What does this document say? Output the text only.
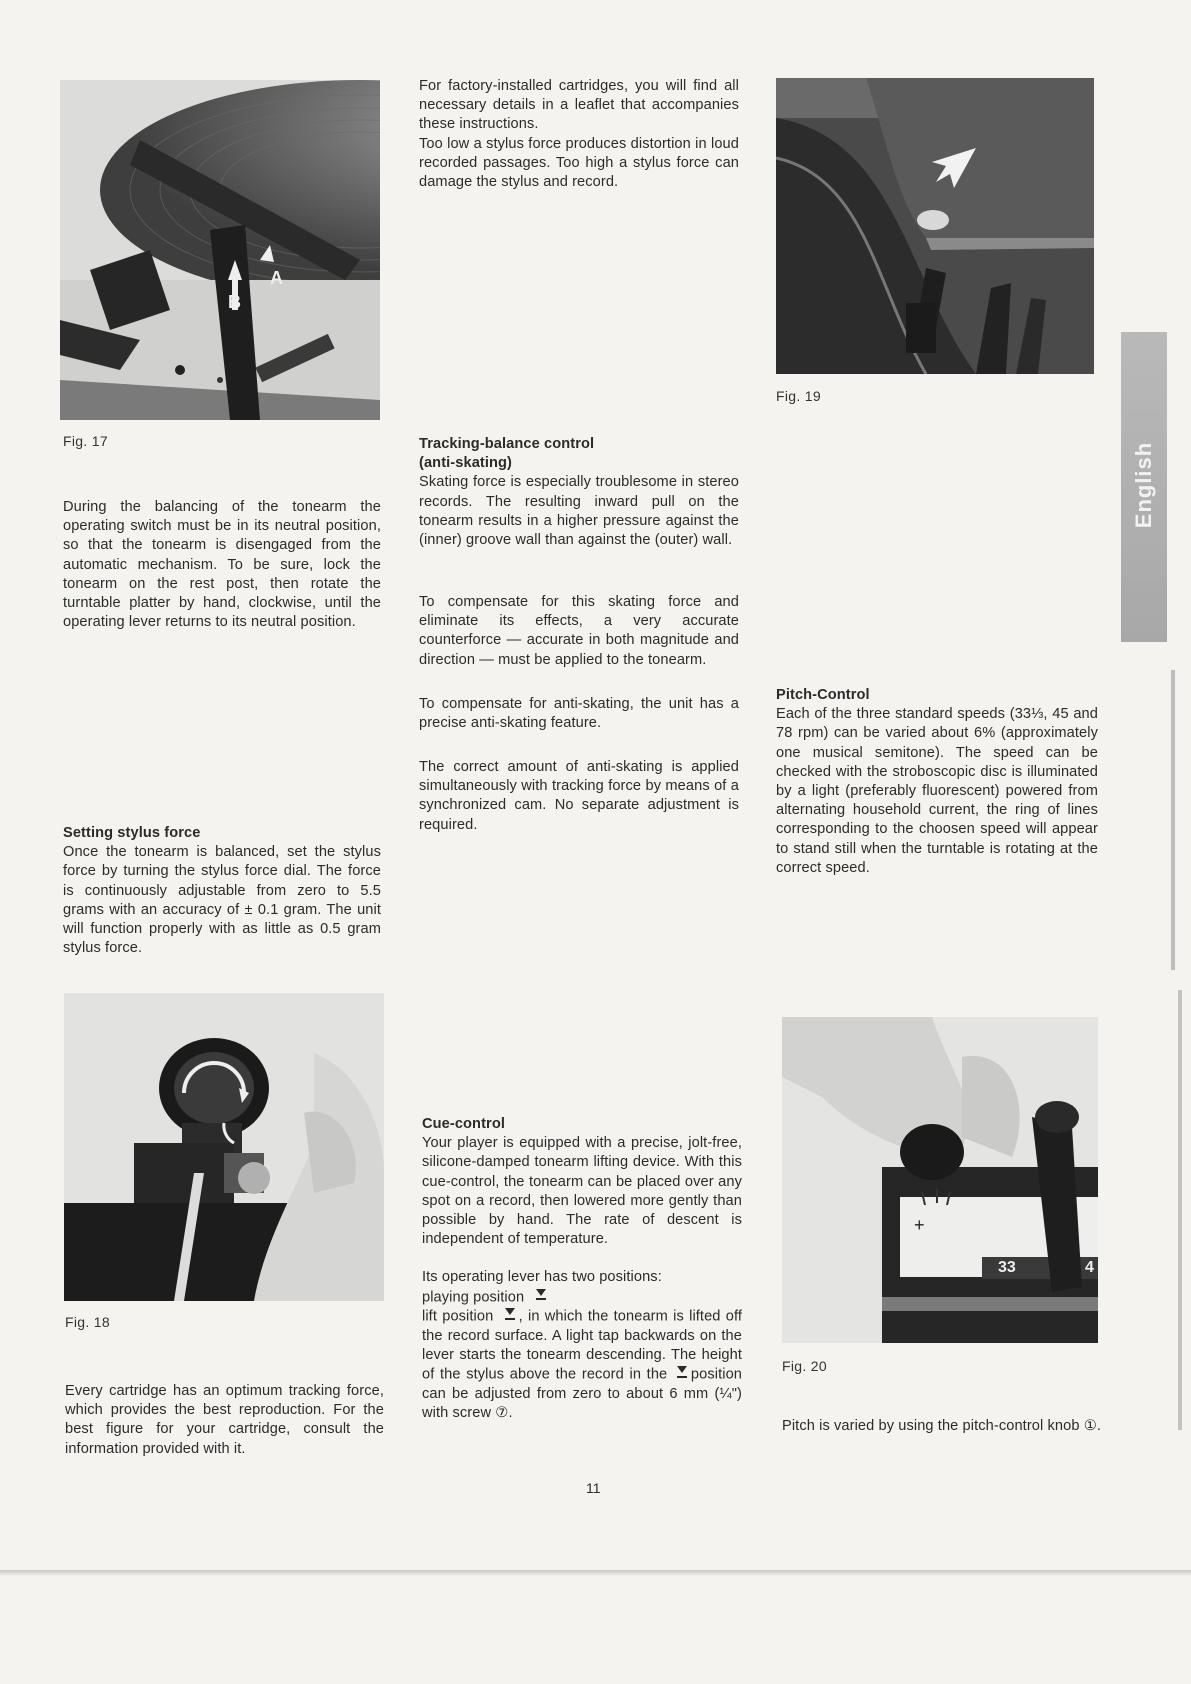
English
B
A
Fig. 17
During the balancing of the tonearm the operating switch must be in its neutral position, so that the tonearm is disengaged from the automatic mechanism. To be sure, lock the tonearm on the rest post, then rotate the turntable platter by hand, clockwise, until the operating lever returns to its neutral position.

Setting stylus force

Once the tonearm is balanced, set the stylus force by turning the stylus force dial. The force is continuously adjustable from zero to 5.5 grams with an accuracy of ± 0.1 gram. The unit will function properly with as little as 0.5 gram stylus force.

Fig. 18
Every cartridge has an optimum tracking force, which provides the best reproduction. For the best figure for your cartridge, consult the information provided with it.

For factory-installed cartridges, you will find all necessary details in a leaflet that accompanies these instructions.

Too low a stylus force produces distortion in loud recorded passages. Too high a stylus force can damage the stylus and record.

Tracking-balance control

(anti-skating)

Skating force is especially troublesome in stereo records. The resulting inward pull on the tonearm results in a higher pressure against the (inner) groove wall than against the (outer) wall.

To compensate for this skating force and eliminate its effects, a very accurate counterforce — accurate in both magnitude and direction — must be applied to the tonearm.
To compensate for anti-skating, the unit has a precise anti-skating feature.
The correct amount of anti-skating is applied simultaneously with tracking force by means of a synchronized cam. No separate adjustment is required.

Cue-control

Your player is equipped with a precise, jolt-free, silicone-damped tonearm lifting device. With this cue-control, the tonearm can be placed over any spot on a record, then lowered more gently than possible by hand. The rate of descent is independent of temperature.

Its operating lever has two positions:

playing position

lift position , in which the tonearm is lifted off the record surface. A light tap backwards on the lever starts the tonearm descending. The height of the stylus above the record in the position can be adjusted from zero to about 6 mm (¼") with screw ⑦.

Fig. 19

Pitch-Control

Each of the three standard speeds (33⅓, 45 and 78 rpm) can be varied about 6% (approximately one musical semitone). The speed can be checked with the stroboscopic disc is illuminated by a light (preferably fluorescent) powered from alternating household current, the ring of lines corresponding to the choosen speed will appear to stand still when the turntable is rotating at the correct speed.

+
33	4
Fig. 20
Pitch is varied by using the pitch-control knob ①.
11
